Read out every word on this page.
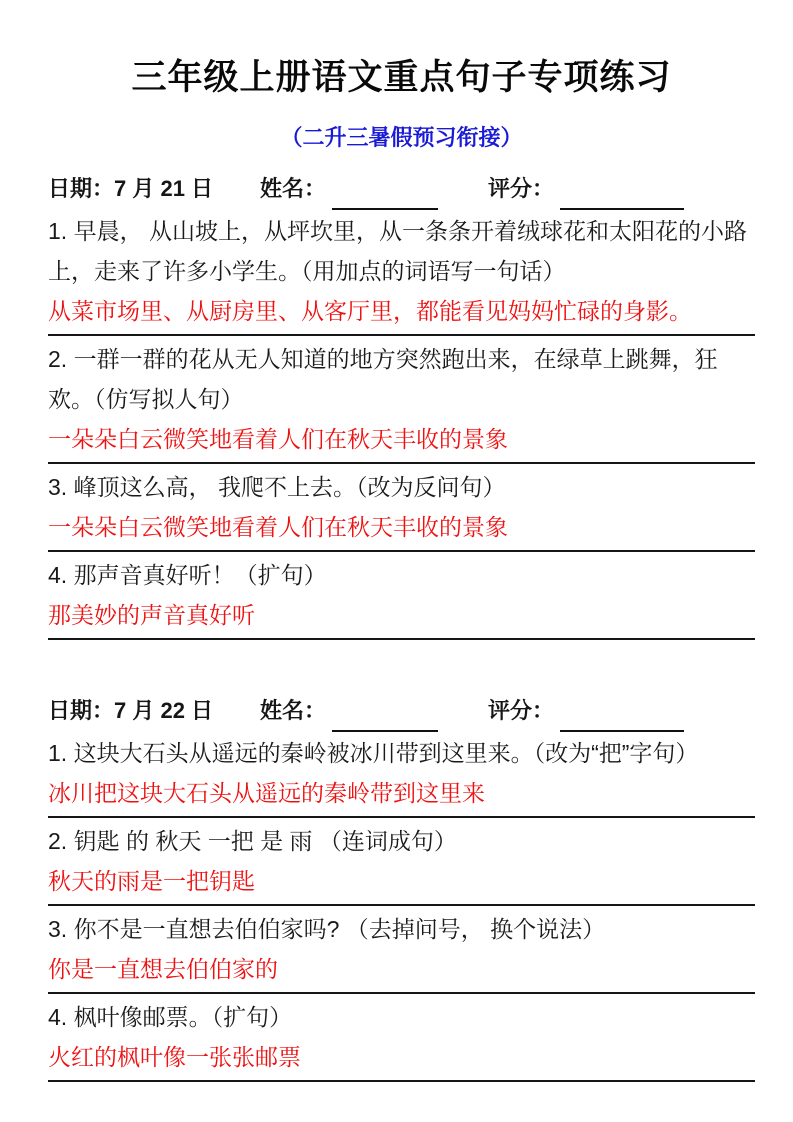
三年级上册语文重点句子专项练习
（二升三暑假预习衔接）
日期：7 月 21 日	姓名：	评分：

1. 早晨， 从山坡上，从坪坎里，从一条条开着绒球花和太阳花的小路上，走来了许多小学生。（用加点的词语写一句话）

从菜市场里、从厨房里、从客厅里，都能看见妈妈忙碌的身影。

2. 一群一群的花从无人知道的地方突然跑出来，在绿草上跳舞，狂欢。（仿写拟人句）

一朵朵白云微笑地看着人们在秋天丰收的景象

3. 峰顶这么高， 我爬不上去。（改为反问句）

一朵朵白云微笑地看着人们在秋天丰收的景象

4. 那声音真好听！（扩句）

那美妙的声音真好听
日期：7 月 22 日	姓名：	评分：

1. 这块大石头从遥远的秦岭被冰川带到这里来。（改为“把”字句）

冰川把这块大石头从遥远的秦岭带到这里来

2. 钥匙 的 秋天 一把 是 雨 （连词成句）

秋天的雨是一把钥匙

3. 你不是一直想去伯伯家吗? （去掉问号， 换个说法）

你是一直想去伯伯家的

4. 枫叶像邮票。（扩句）

火红的枫叶像一张张邮票
